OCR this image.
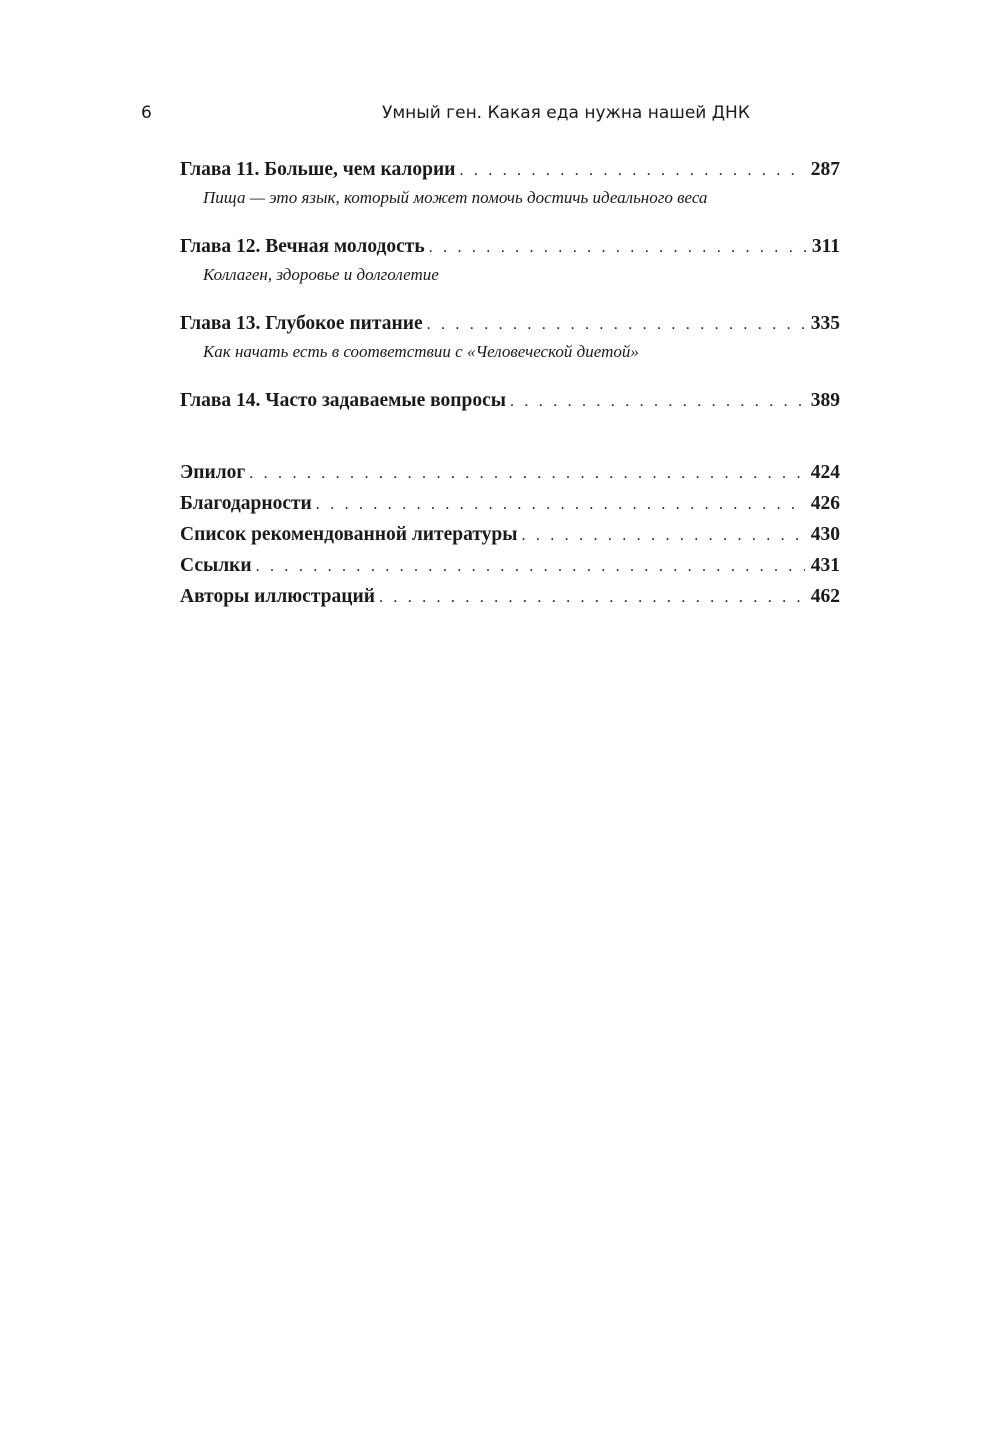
6	Умный ген. Какая еда нужна нашей ДНК
Глава 11. Больше, чем калории . . .	287
Пища — это язык, который может помочь достичь идеального веса
Глава 12. Вечная молодость . . .	311
Коллаген, здоровье и долголетие
Глава 13. Глубокое питание . . .	335
Как начать есть в соответствии с «Человеческой диетой»
Глава 14. Часто задаваемые вопросы . . .	389
Эпилог . . .	424
Благодарности . . .	426
Список рекомендованной литературы . . .	430
Ссылки . . .	431
Авторы иллюстраций . . .	462
